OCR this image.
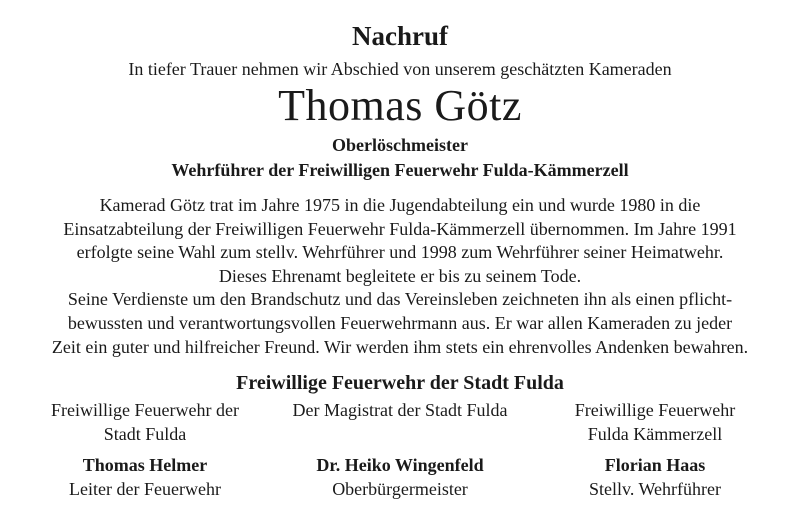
Nachruf
In tiefer Trauer nehmen wir Abschied von unserem geschätzten Kameraden
Thomas Götz
Oberlöschmeister
Wehrführer der Freiwilligen Feuerwehr Fulda-Kämmerzell
Kamerad Götz trat im Jahre 1975 in die Jugendabteilung ein und wurde 1980 in die
Einsatzabteilung der Freiwilligen Feuerwehr Fulda-Kämmerzell übernommen. Im Jahre 1991
erfolgte seine Wahl zum stellv. Wehrführer und 1998 zum Wehrführer seiner Heimatwehr.
Dieses Ehrenamt begleitete er bis zu seinem Tode.
Seine Verdienste um den Brandschutz und das Vereinsleben zeichneten ihn als einen pflicht-
bewussten und verantwortungsvollen Feuerwehrmann aus. Er war allen Kameraden zu jeder
Zeit ein guter und hilfreicher Freund. Wir werden ihm stets ein ehrenvolles Andenken bewahren.
Freiwillige Feuerwehr der Stadt Fulda
Freiwillige Feuerwehr der
Stadt Fulda
Thomas Helmer
Leiter der Feuerwehr
Der Magistrat der Stadt Fulda
Dr. Heiko Wingenfeld
Oberbürgermeister
Freiwillige Feuerwehr
Fulda Kämmerzell
Florian Haas
Stellv. Wehrführer
